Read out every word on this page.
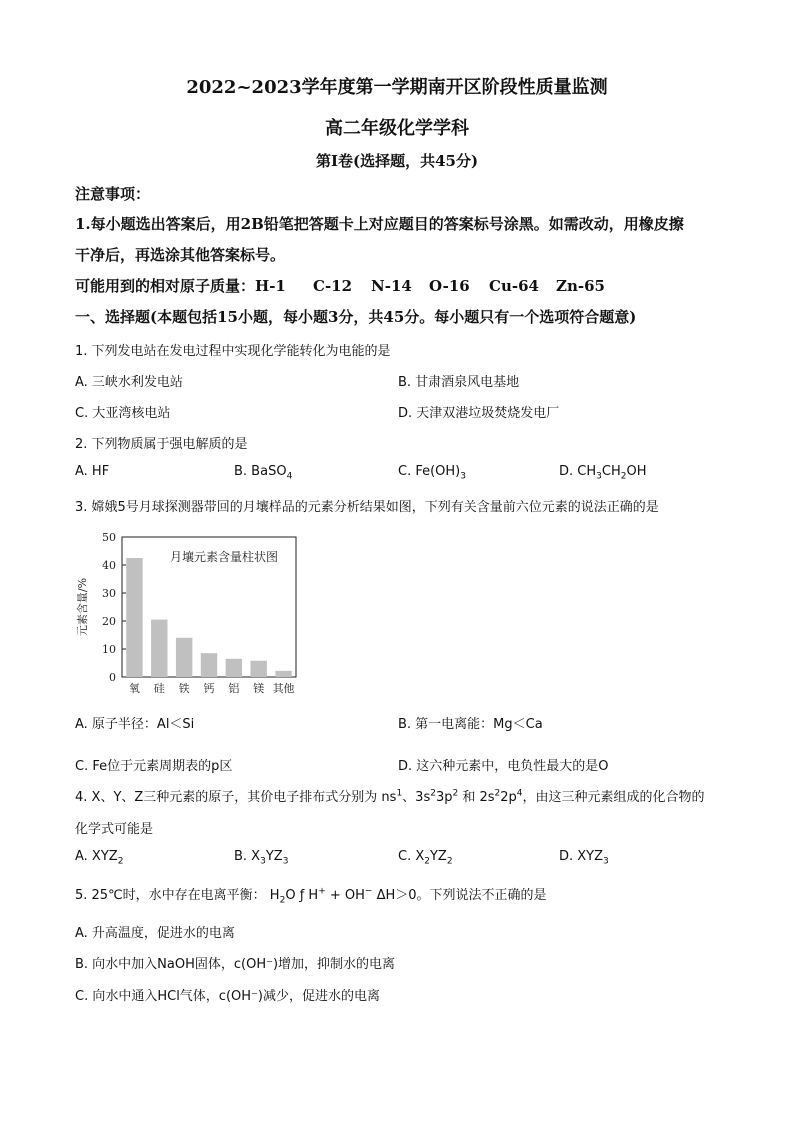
2022~2023学年度第一学期南开区阶段性质量监测
高二年级化学学科
第Ⅰ卷(选择题，共45分)
注意事项：
1.每小题选出答案后，用2B铅笔把答题卡上对应题目的答案标号涂黑。如需改动，用橡皮擦
干净后，再选涂其他答案标号。
可能用到的相对原子质量：H-1 C-12 N-14 O-16 Cu-64 Zn-65
一、选择题(本题包括15小题，每小题3分，共45分。每小题只有一个选项符合题意)
1. 下列发电站在发电过程中实现化学能转化为电能的是
A. 三峡水利发电站	B. 甘肃酒泉风电基地
C. 大亚湾核电站	D. 天津双港垃圾焚烧发电厂
2. 下列物质属于强电解质的是
A. HF	B. BaSO$_4$	C. $Fe(OH)_3$	D. $CH_3CH_2OH$
3. 嫦娥5号月球探测器带回的月壤样品的元素分析结果如图，下列有关含量前六位元素的说法正确的是
0
10
20
30
40
50
氧 硅 铁 钙 铝 镁 其他
月壤元素含量柱状图
元素含量/%
A. 原子半径：Al＜Si	B. 第一电离能：Mg＜Ca
C. Fe位于元素周期表的p区	D. 这六种元素中，电负性最大的是O
4. X、Y、Z三种元素的原子，其价电子排布式分别为 $ns^1$、$3s^23p^2$ 和 $2s^22p^4$，由这三种元素组成的化合物的
化学式可能是
A. $XYZ_2$	B. $X_3YZ_3$	C. $X_2YZ_2$	D. $XYZ_3$
5. 25℃时，水中存在电离平衡： $H_2O$ ƒ H+ + OH− ΔH＞0。下列说法不正确的是
A. 升高温度，促进水的电离
B. 向水中加入NaOH固体，c(OH⁻)增加，抑制水的电离
C. 向水中通入HCl气体，c(OH⁻)减少，促进水的电离
